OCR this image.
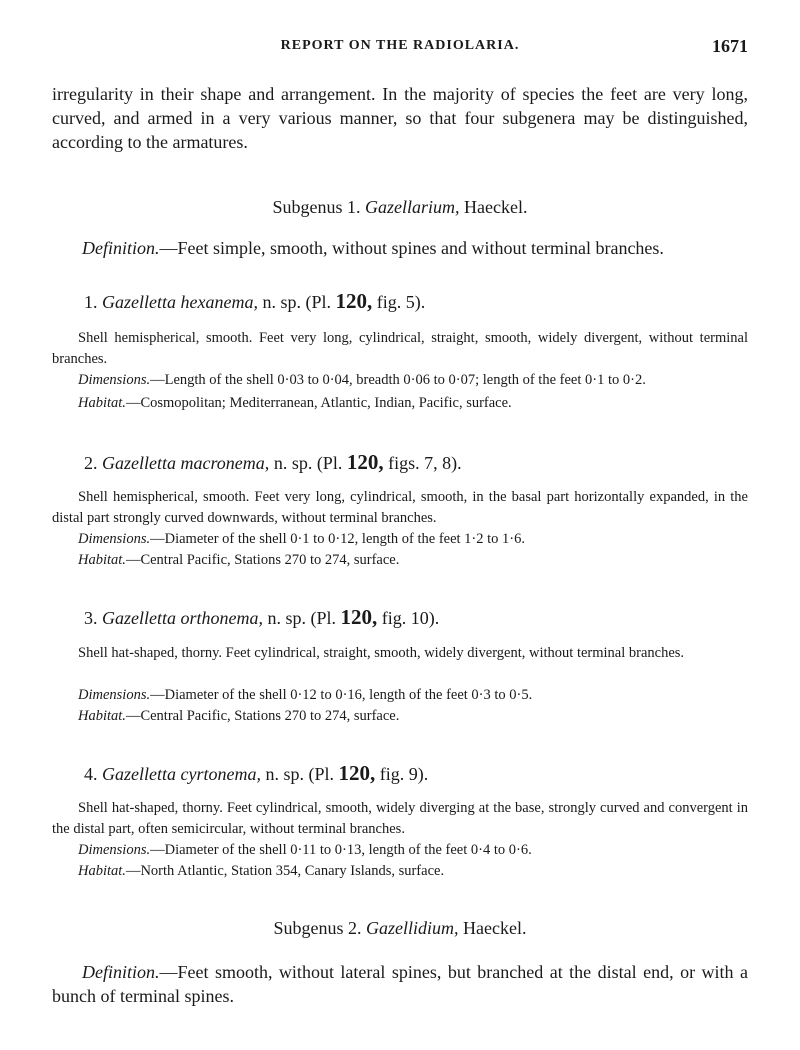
REPORT ON THE RADIOLARIA.	1671

irregularity in their shape and arrangement. In the majority of species the feet are very long, curved, and armed in a very various manner, so that four subgenera may be distinguished, according to the armatures.

Subgenus 1. Gazellarium, Haeckel.

Definition.—Feet simple, smooth, without spines and without terminal branches.

1. Gazelletta hexanema, n. sp. (Pl. 120, fig. 5).

Shell hemispherical, smooth. Feet very long, cylindrical, straight, smooth, widely divergent, without terminal branches.

Dimensions.—Length of the shell 0·03 to 0·04, breadth 0·06 to 0·07; length of the feet 0·1 to 0·2.

Habitat.—Cosmopolitan; Mediterranean, Atlantic, Indian, Pacific, surface.

2. Gazelletta macronema, n. sp. (Pl. 120, figs. 7, 8).

Shell hemispherical, smooth. Feet very long, cylindrical, smooth, in the basal part horizontally expanded, in the distal part strongly curved downwards, without terminal branches.

Dimensions.—Diameter of the shell 0·1 to 0·12, length of the feet 1·2 to 1·6.

Habitat.—Central Pacific, Stations 270 to 274, surface.

3. Gazelletta orthonema, n. sp. (Pl. 120, fig. 10).

Shell hat-shaped, thorny. Feet cylindrical, straight, smooth, widely divergent, without terminal branches.

Dimensions.—Diameter of the shell 0·12 to 0·16, length of the feet 0·3 to 0·5.

Habitat.—Central Pacific, Stations 270 to 274, surface.

4. Gazelletta cyrtonema, n. sp. (Pl. 120, fig. 9).

Shell hat-shaped, thorny. Feet cylindrical, smooth, widely diverging at the base, strongly curved and convergent in the distal part, often semicircular, without terminal branches.

Dimensions.—Diameter of the shell 0·11 to 0·13, length of the feet 0·4 to 0·6.

Habitat.—North Atlantic, Station 354, Canary Islands, surface.

Subgenus 2. Gazellidium, Haeckel.

Definition.—Feet smooth, without lateral spines, but branched at the distal end, or with a bunch of terminal spines.
